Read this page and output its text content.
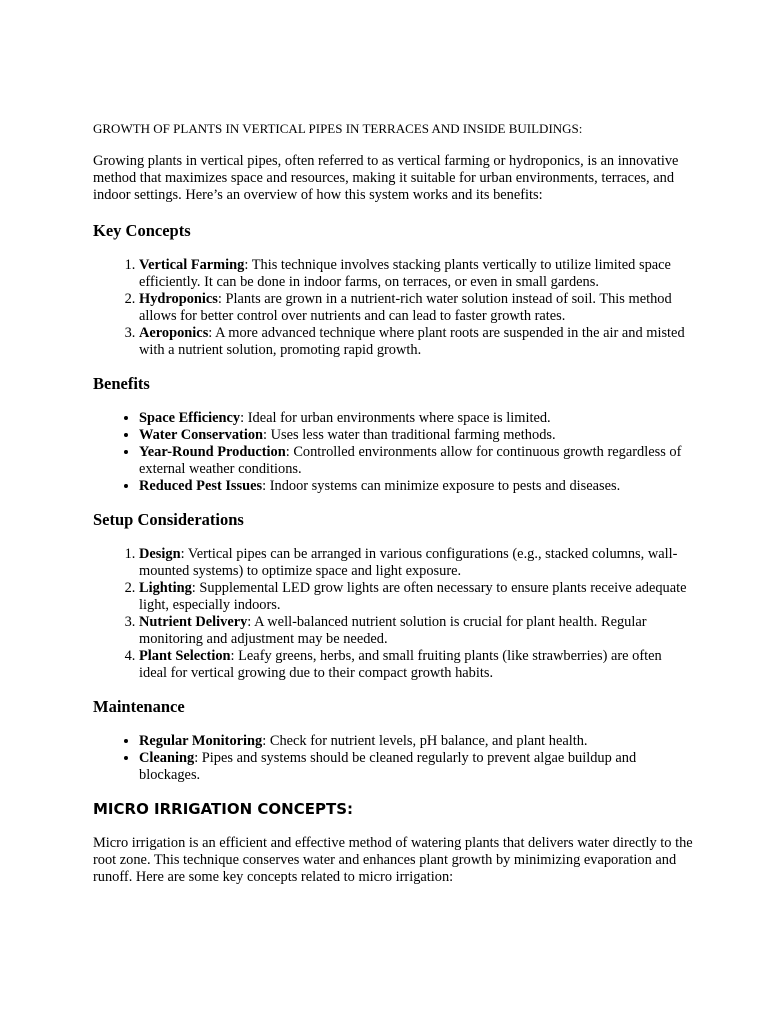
GROWTH OF PLANTS IN VERTICAL PIPES IN TERRACES AND INSIDE BUILDINGS:

Growing plants in vertical pipes, often referred to as vertical farming or hydroponics, is an innovative method that maximizes space and resources, making it suitable for urban environments, terraces, and indoor settings. Here’s an overview of how this system works and its benefits:

Key Concepts
1. Vertical Farming: This technique involves stacking plants vertically to utilize limited space efficiently. It can be done in indoor farms, on terraces, or even in small gardens.
2. Hydroponics: Plants are grown in a nutrient-rich water solution instead of soil. This method allows for better control over nutrients and can lead to faster growth rates.
3. Aeroponics: A more advanced technique where plant roots are suspended in the air and misted with a nutrient solution, promoting rapid growth.
Benefits
• Space Efficiency: Ideal for urban environments where space is limited.
• Water Conservation: Uses less water than traditional farming methods.
• Year-Round Production: Controlled environments allow for continuous growth regardless of external weather conditions.
• Reduced Pest Issues: Indoor systems can minimize exposure to pests and diseases.
Setup Considerations
1. Design: Vertical pipes can be arranged in various configurations (e.g., stacked columns, wall-mounted systems) to optimize space and light exposure.
2. Lighting: Supplemental LED grow lights are often necessary to ensure plants receive adequate light, especially indoors.
3. Nutrient Delivery: A well-balanced nutrient solution is crucial for plant health. Regular monitoring and adjustment may be needed.
4. Plant Selection: Leafy greens, herbs, and small fruiting plants (like strawberries) are often ideal for vertical growing due to their compact growth habits.
Maintenance
• Regular Monitoring: Check for nutrient levels, pH balance, and plant health.
• Cleaning: Pipes and systems should be cleaned regularly to prevent algae buildup and blockages.
MICRO IRRIGATION CONCEPTS:

Micro irrigation is an efficient and effective method of watering plants that delivers water directly to the root zone. This technique conserves water and enhances plant growth by minimizing evaporation and runoff. Here are some key concepts related to micro irrigation:
